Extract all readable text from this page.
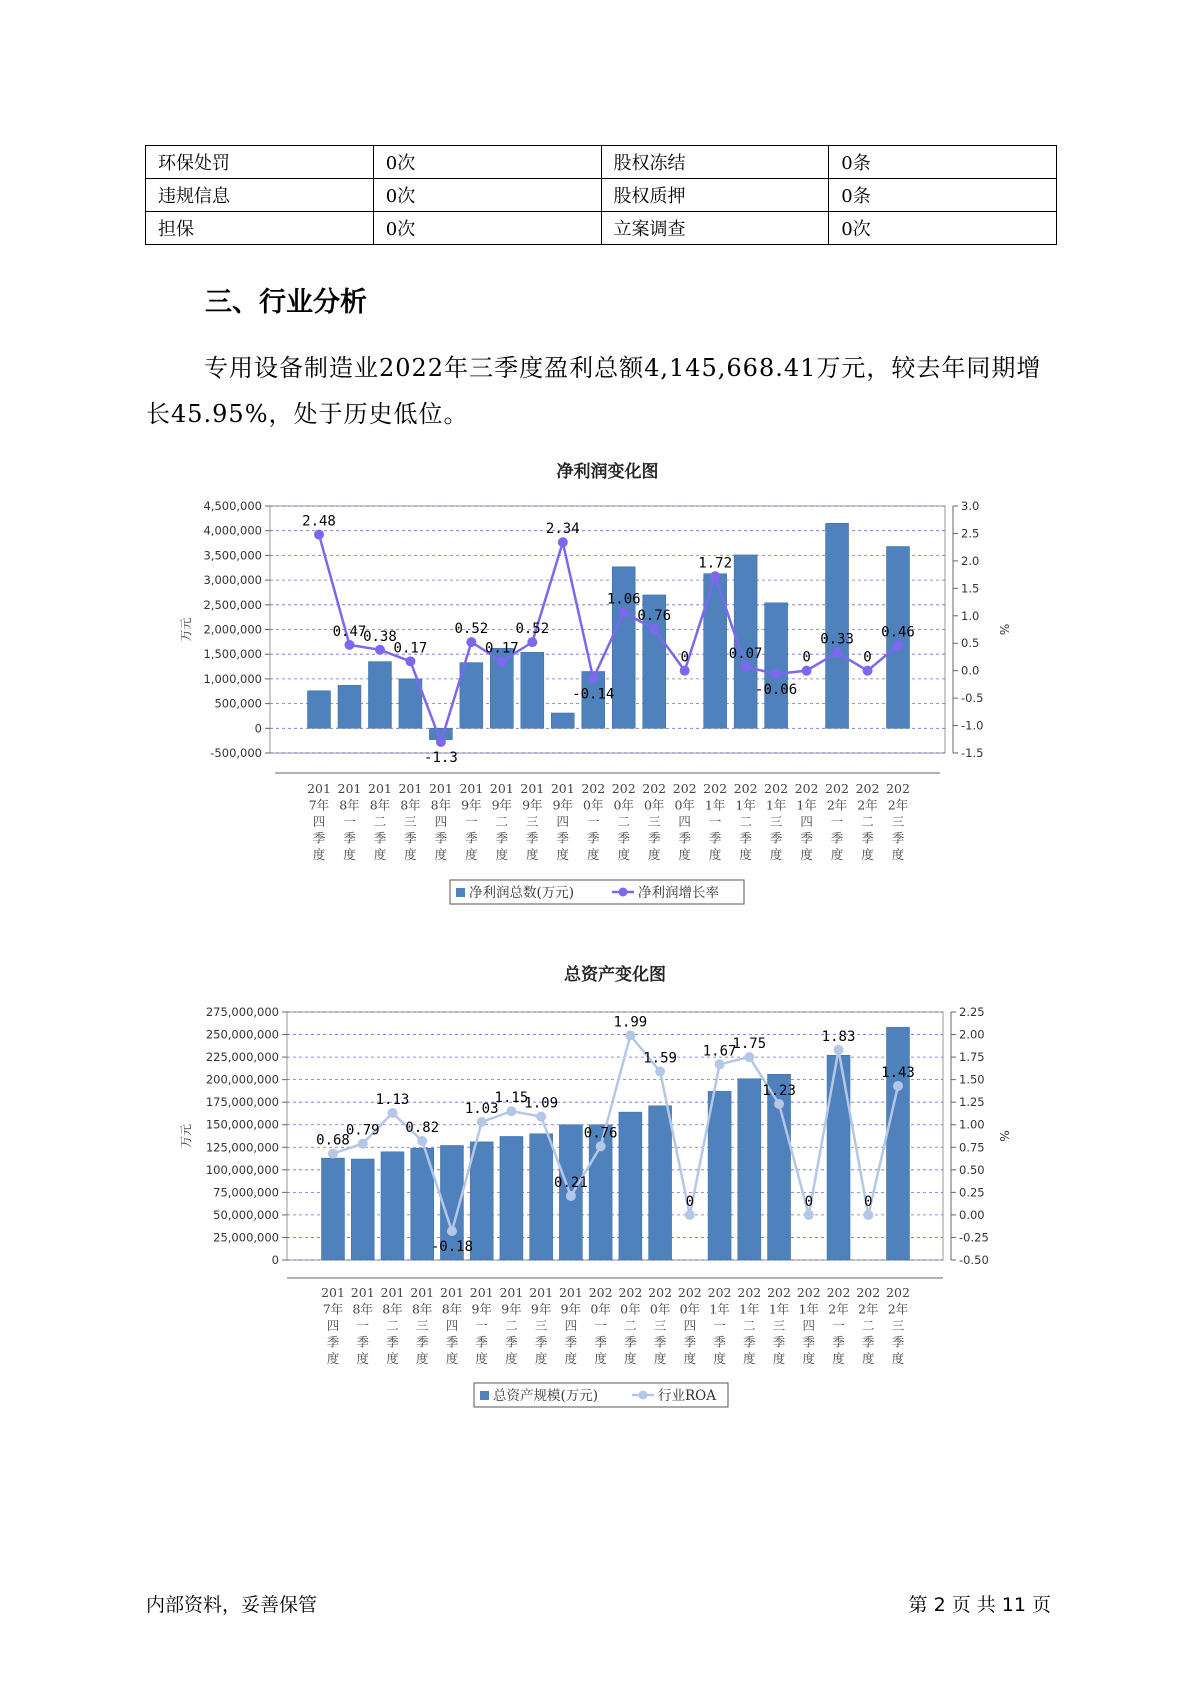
环保处罚	0次	股权冻结	0条
违规信息	0次	股权质押	0条
担保	0次	立案调查	0次
三、行业分析

专用设备制造业2022年三季度盈利总额4,145,668.41万元，较去年同期增长45.95%，处于历史低位。

净利润变化图
4,500,000
4,000,000
3,500,000
3,000,000
2,500,000
2,000,000
1,500,000
1,000,000
500,000
0
-500,000
3.0
2.5
2.0
1.5
1.0
0.5
0.0
-0.5
-1.0
-1.5
万元	%
2.48
0.47
0.38
0.17
-1.3
0.52
0.17
0.52
2.34
-0.14
1.06
0.76
0
1.72
0.07
-0.06
0
0.33
0
0.46
201
7年
四
季
度
201
8年
一
季
度
201
8年
二
季
度
201
8年
三
季
度
201
8年
四
季
度
201
9年
一
季
度
201
9年
二
季
度
201
9年
三
季
度
201
9年
四
季
度
202
0年
一
季
度
202
0年
二
季
度
202
0年
三
季
度
202
0年
四
季
度
202
1年
一
季
度
202
1年
二
季
度
202
1年
三
季
度
202
1年
四
季
度
202
2年
一
季
度
202
2年
二
季
度
202
2年
三
季
度
净利润总数(万元)	净利润增长率
总资产变化图
275,000,000
250,000,000
225,000,000
200,000,000
175,000,000
150,000,000
125,000,000
100,000,000
75,000,000
50,000,000
25,000,000
0
2.25
2.00
1.75
1.50
1.25
1.00
0.75
0.50
0.25
0.00
-0.25
-0.50
万元	%
0.68
0.79
1.13
0.82
-0.18
1.03
1.15
1.09
0.21
0.76
1.99
1.59
0
1.67
1.75
1.23
0
1.83
0
1.43
201
7年
四
季
度
201
8年
一
季
度
201
8年
二
季
度
201
8年
三
季
度
201
8年
四
季
度
201
9年
一
季
度
201
9年
二
季
度
201
9年
三
季
度
201
9年
四
季
度
202
0年
一
季
度
202
0年
二
季
度
202
0年
三
季
度
202
0年
四
季
度
202
1年
一
季
度
202
1年
二
季
度
202
1年
三
季
度
202
1年
四
季
度
202
2年
一
季
度
202
2年
二
季
度
202
2年
三
季
度
总资产规模(万元)	行业ROA
内部资料，妥善保管	第 2 页 共 11 页
